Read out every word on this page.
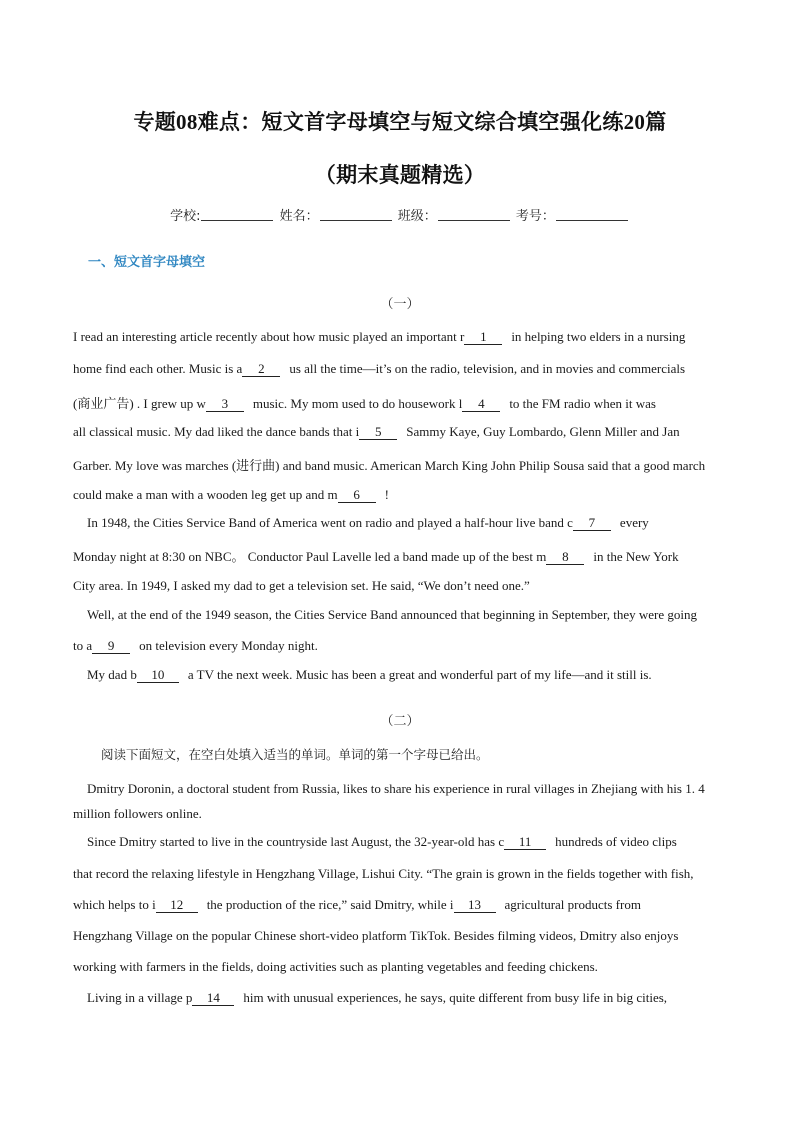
专题08难点：短文首字母填空与短文综合填空强化练20篇
（期末真题精选）
学校:	姓名：	班级：	考号：
一、短文首字母填空
（一）
I read an interesting article recently about how music played an important r 1 in helping two elders in a nursing
home find each other. Music is a 2 us all the time—it’s on the radio, television, and in movies and commercials
(商业广告) . I grew up w 3 music. My mom used to do housework l 4 to the FM radio when it was
all classical music. My dad liked the dance bands that i 5 Sammy Kaye, Guy Lombardo, Glenn Miller and Jan
Garber. My love was marches (进行曲) and band music. American March King John Philip Sousa said that a good march
could make a man with a wooden leg get up and m 6 !
In 1948, the Cities Service Band of America went on radio and played a half-hour live band c 7 every
Monday night at 8:30 on NBC。 Conductor Paul Lavelle led a band made up of the best m 8 in the New York
City area. In 1949, I asked my dad to get a television set. He said, “We don’t need one.”
Well, at the end of the 1949 season, the Cities Service Band announced that beginning in September, they were going
to a 9 on television every Monday night.
My dad b 10 a TV the next week. Music has been a great and wonderful part of my life—and it still is.
（二）
阅读下面短文，在空白处填入适当的单词。单词的第一个字母已给出。
Dmitry Doronin, a doctoral student from Russia, likes to share his experience in rural villages in Zhejiang with his 1. 4
million followers online.
Since Dmitry started to live in the countryside last August, the 32-year-old has c 11 hundreds of video clips
that record the relaxing lifestyle in Hengzhang Village, Lishui City. “The grain is grown in the fields together with fish,
which helps to i 12 the production of the rice,” said Dmitry, while i 13 agricultural products from
Hengzhang Village on the popular Chinese short-video platform TikTok. Besides filming videos, Dmitry also enjoys
working with farmers in the fields, doing activities such as planting vegetables and feeding chickens.
Living in a village p 14 him with unusual experiences, he says, quite different from busy life in big cities,
